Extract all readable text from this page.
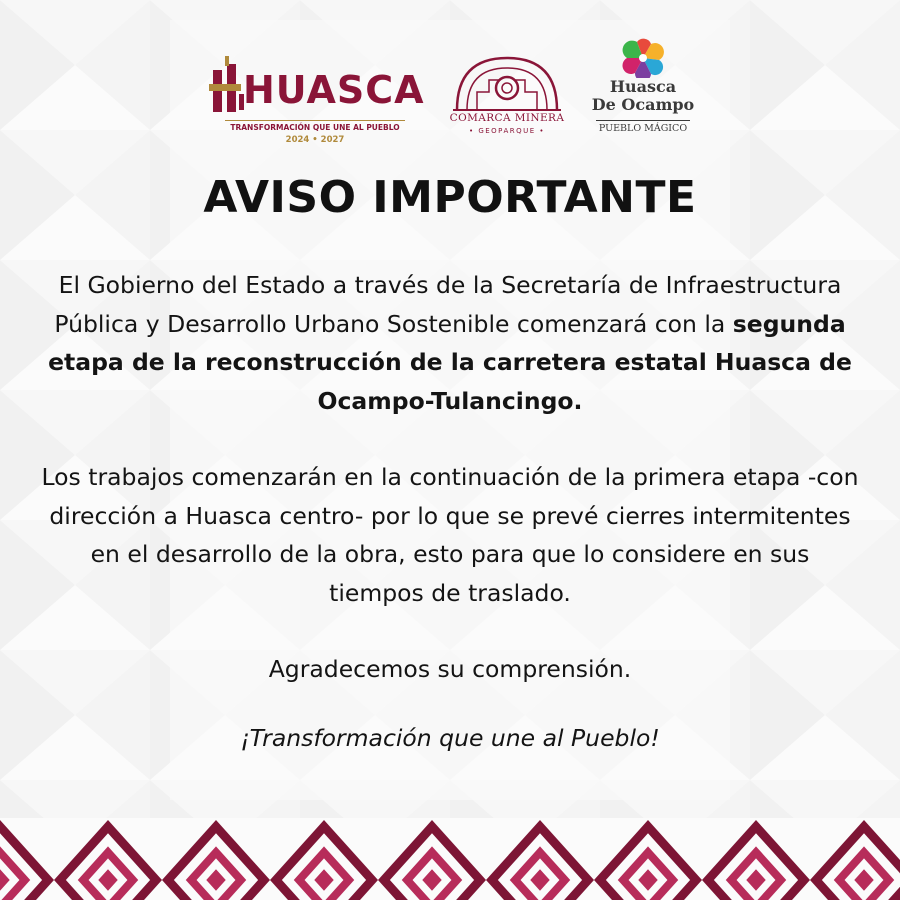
HUASCA
TRANSFORMACIÓN QUE UNE AL PUEBLO
2024 • 2027
COMARCA MINERA
• GEOPARQUE •
Huasca
De Ocampo
PUEBLO MÁGICO
AVISO IMPORTANTE

El Gobierno del Estado a través de la Secretaría de Infraestructura Pública y Desarrollo Urbano Sostenible comenzará con la segunda etapa de la reconstrucción de la carretera estatal Huasca de Ocampo-Tulancingo.

Los trabajos comenzarán en la continuación de la primera etapa -con dirección a Huasca centro- por lo que se prevé cierres intermitentes en el desarrollo de la obra, esto para que lo considere en sus tiempos de traslado.

Agradecemos su comprensión.

¡Transformación que une al Pueblo!
